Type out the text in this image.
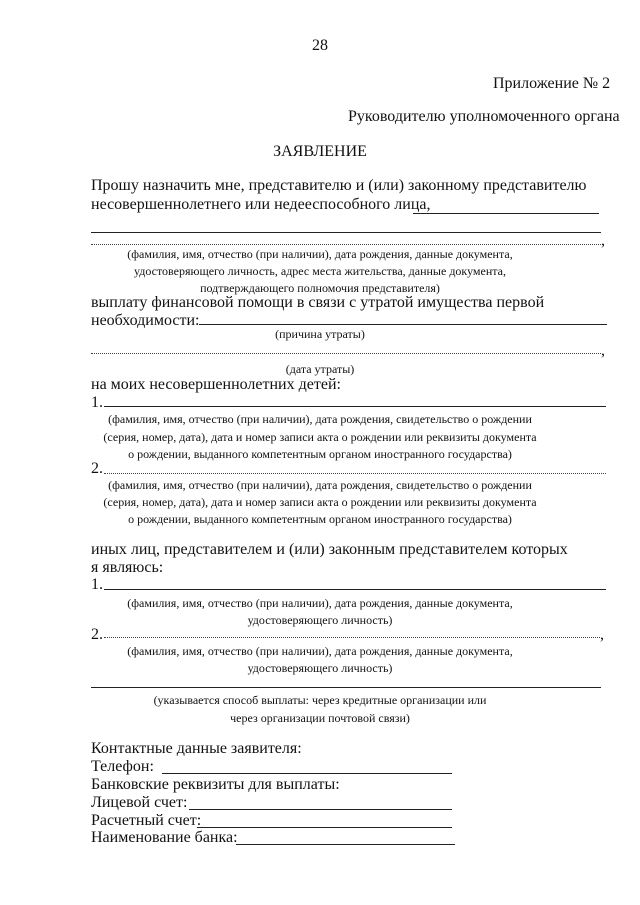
28
Приложение № 2
Руководителю уполномоченного органа
ЗАЯВЛЕНИЕ
Прошу назначить мне, представителю и (или) законному представителю
несовершеннолетнего или недееспособного лица,
,
(фамилия, имя, отчество (при наличии), дата рождения, данные документа,
удостоверяющего личность, адрес места жительства, данные документа,
подтверждающего полномочия представителя)
выплату финансовой помощи в связи с утратой имущества первой
необходимости:
(причина утраты)
,
(дата утраты)
на моих несовершеннолетних детей:
1.
(фамилия, имя, отчество (при наличии), дата рождения, свидетельство о рождении
(серия, номер, дата), дата и номер записи акта о рождении или реквизиты документа
о рождении, выданного компетентным органом иностранного государства)
2.
(фамилия, имя, отчество (при наличии), дата рождения, свидетельство о рождении
(серия, номер, дата), дата и номер записи акта о рождении или реквизиты документа
о рождении, выданного компетентным органом иностранного государства)
иных лиц, представителем и (или) законным представителем которых
я являюсь:
1.
(фамилия, имя, отчество (при наличии), дата рождения, данные документа,
удостоверяющего личность)
2.	,
(фамилия, имя, отчество (при наличии), дата рождения, данные документа,
удостоверяющего личность)
(указывается способ выплаты: через кредитные организации или
через организации почтовой связи)
Контактные данные заявителя:
Телефон:
Банковские реквизиты для выплаты:
Лицевой счет:
Расчетный счет:
Наименование банка:
